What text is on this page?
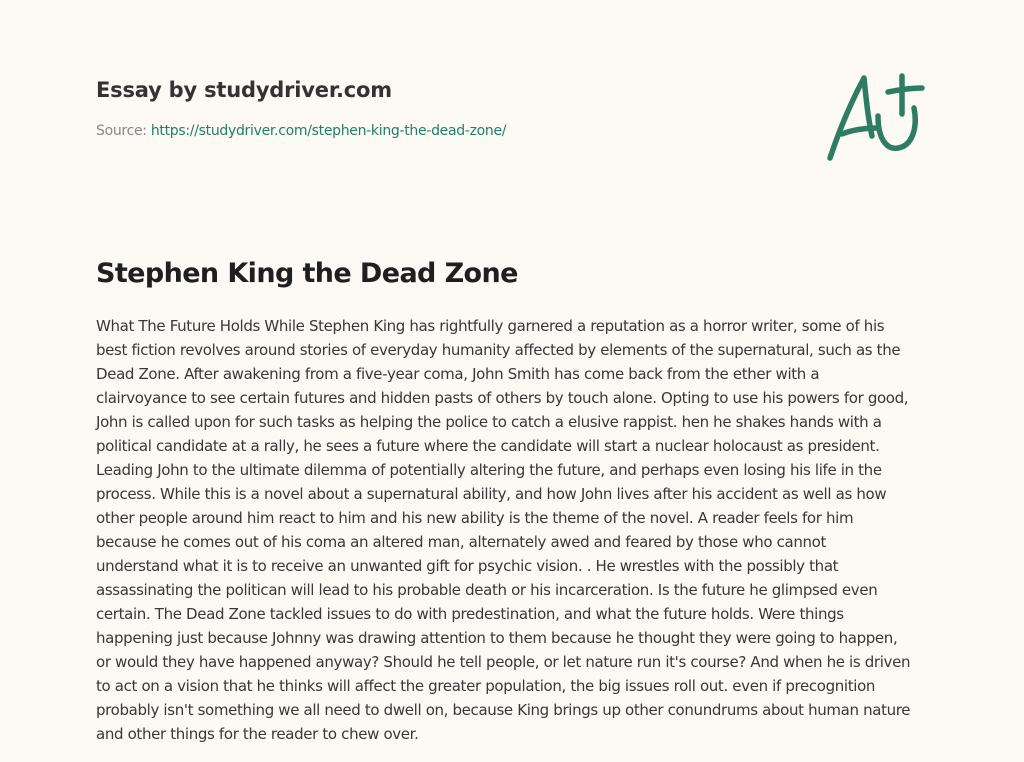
Essay by studydriver.com
Source: https://studydriver.com/stephen-king-the-dead-zone/
Stephen King the Dead Zone
What The Future Holds While Stephen King has rightfully garnered a reputation as a horror writer, some of his
best fiction revolves around stories of everyday humanity affected by elements of the supernatural, such as the
Dead Zone. After awakening from a five-year coma, John Smith has come back from the ether with a
clairvoyance to see certain futures and hidden pasts of others by touch alone. Opting to use his powers for good,
John is called upon for such tasks as helping the police to catch a elusive rappist. hen he shakes hands with a
political candidate at a rally, he sees a future where the candidate will start a nuclear holocaust as president.
Leading John to the ultimate dilemma of potentially altering the future, and perhaps even losing his life in the
process. While this is a novel about a supernatural ability, and how John lives after his accident as well as how
other people around him react to him and his new ability is the theme of the novel. A reader feels for him
because he comes out of his coma an altered man, alternately awed and feared by those who cannot
understand what it is to receive an unwanted gift for psychic vision. . He wrestles with the possibly that
assassinating the politican will lead to his probable death or his incarceration. Is the future he glimpsed even
certain. The Dead Zone tackled issues to do with predestination, and what the future holds. Were things
happening just because Johnny was drawing attention to them because he thought they were going to happen,
or would they have happened anyway? Should he tell people, or let nature run it's course? And when he is driven
to act on a vision that he thinks will affect the greater population, the big issues roll out. even if precognition
probably isn't something we all need to dwell on, because King brings up other conundrums about human nature
and other things for the reader to chew over.
